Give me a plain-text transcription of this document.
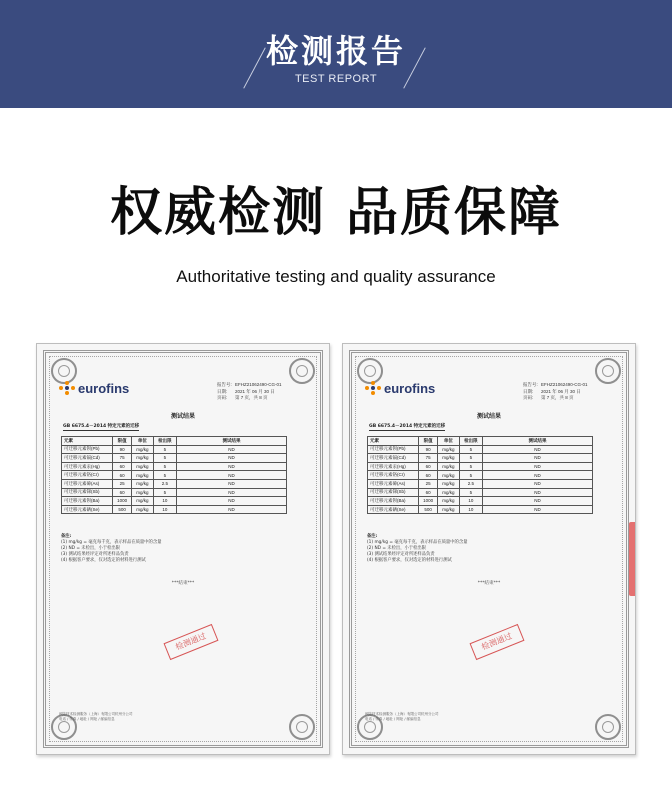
检测报告
TEST REPORT
权威检测 品质保障
Authoritative testing and quality assurance
eurofins	报告号: EFHZ21062490-CG-01
日期: 2021 年 06 月 30 日
页码: 第 7 页，共 8 页
测试结果
GB 6675.4－2014 特定元素的迁移
元素	限值	单位	检出限	测试结果
可迁移元素钡(Pb)	90	mg/kg	5	ND
可迁移元素镉(Cd)	75	mg/kg	5	ND
可迁移元素汞(Hg)	60	mg/kg	5	ND
可迁移元素铬(Cr)	60	mg/kg	5	ND
可迁移元素砷(As)	25	mg/kg	2.5	ND
可迁移元素锑(Sb)	60	mg/kg	5	ND
可迁移元素钡(Ba)	1000	mg/kg	10	ND
可迁移元素硒(Se)	500	mg/kg	10	ND
备注:
(1) mg/kg = 毫克每千克，表示样品在质量中的含量
(2) ND = 未检出，小于检出限
(3) 测试结果经评定对所述样品负责
(4) 根据客户要求，仅对选定的材料进行测试
***结束***
检测通过
欧陆技术检测服务（上海）有限公司杭州分公司
电话 / 传真 / 地址 / 网址 / 邮编信息
eurofins	报告号: EFHZ21062490-CG-01
日期: 2021 年 06 月 30 日
页码: 第 7 页，共 8 页
测试结果
GB 6675.4－2014 特定元素的迁移
元素	限值	单位	检出限	测试结果
可迁移元素钡(Pb)	90	mg/kg	5	ND
可迁移元素镉(Cd)	75	mg/kg	5	ND
可迁移元素汞(Hg)	60	mg/kg	5	ND
可迁移元素铬(Cr)	60	mg/kg	5	ND
可迁移元素砷(As)	25	mg/kg	2.5	ND
可迁移元素锑(Sb)	60	mg/kg	5	ND
可迁移元素钡(Ba)	1000	mg/kg	10	ND
可迁移元素硒(Se)	500	mg/kg	10	ND
备注:
(1) mg/kg = 毫克每千克，表示样品在质量中的含量
(2) ND = 未检出，小于检出限
(3) 测试结果经评定对所述样品负责
(4) 根据客户要求，仅对选定的材料进行测试
***结束***
检测通过
欧陆技术检测服务（上海）有限公司杭州分公司
电话 / 传真 / 地址 / 网址 / 邮编信息
